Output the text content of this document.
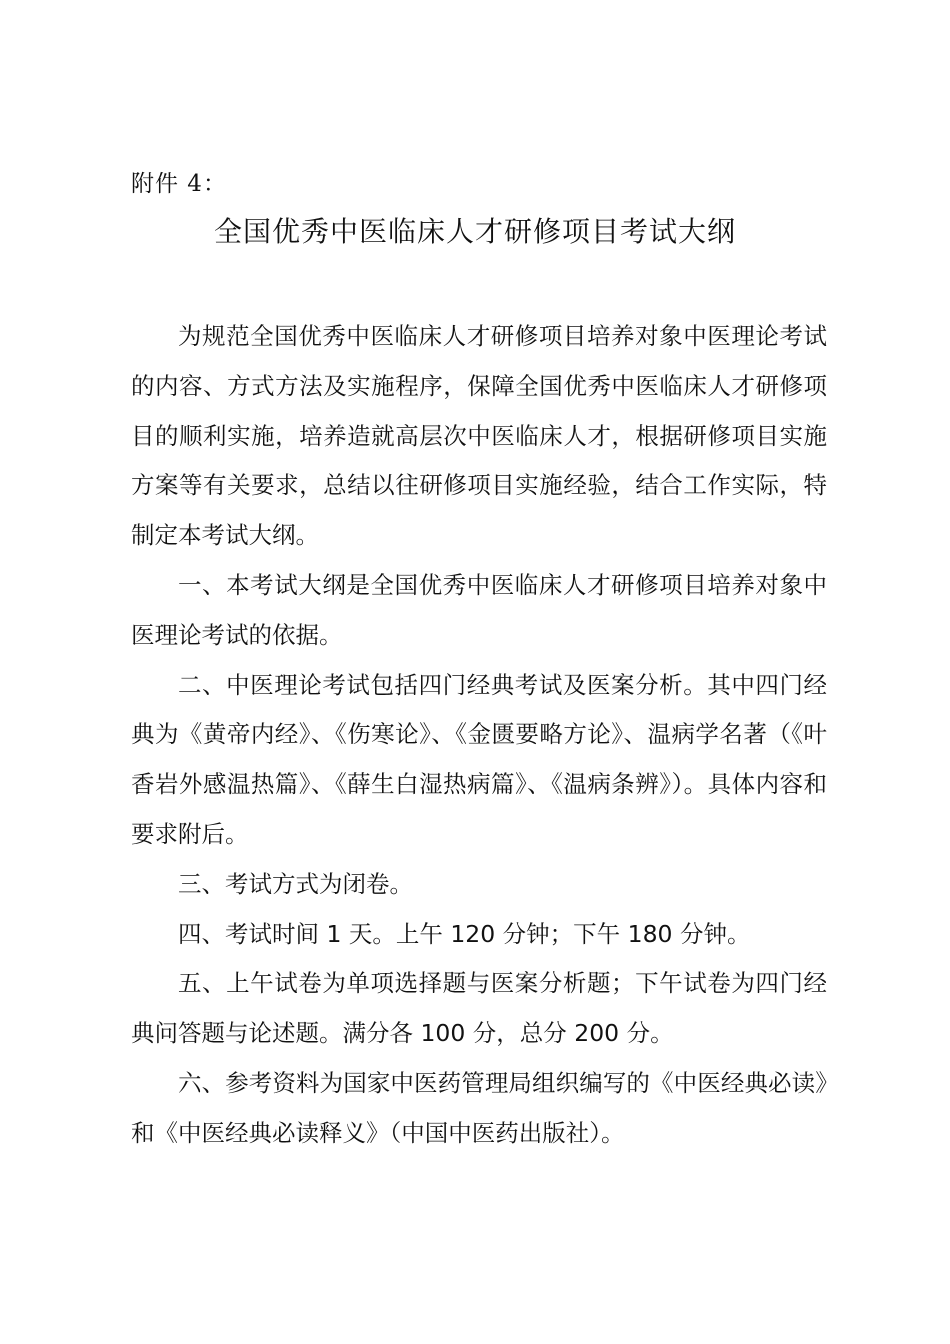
附件 4：
全国优秀中医临床人才研修项目考试大纲

为规范全国优秀中医临床人才研修项目培养对象中医理论考试的内容、方式方法及实施程序，保障全国优秀中医临床人才研修项目的顺利实施，培养造就高层次中医临床人才，根据研修项目实施方案等有关要求，总结以往研修项目实施经验，结合工作实际，特制定本考试大纲。

一、本考试大纲是全国优秀中医临床人才研修项目培养对象中医理论考试的依据。

二、中医理论考试包括四门经典考试及医案分析。其中四门经典为《黄帝内经》、《伤寒论》、《金匮要略方论》、温病学名著（《叶香岩外感温热篇》、《薛生白湿热病篇》、《温病条辨》）。具体内容和要求附后。

三、考试方式为闭卷。

四、考试时间 1 天。上午 120 分钟；下午 180 分钟。

五、上午试卷为单项选择题与医案分析题；下午试卷为四门经典问答题与论述题。满分各 100 分，总分 200 分。

六、参考资料为国家中医药管理局组织编写的《中医经典必读》和《中医经典必读释义》（中国中医药出版社）。
